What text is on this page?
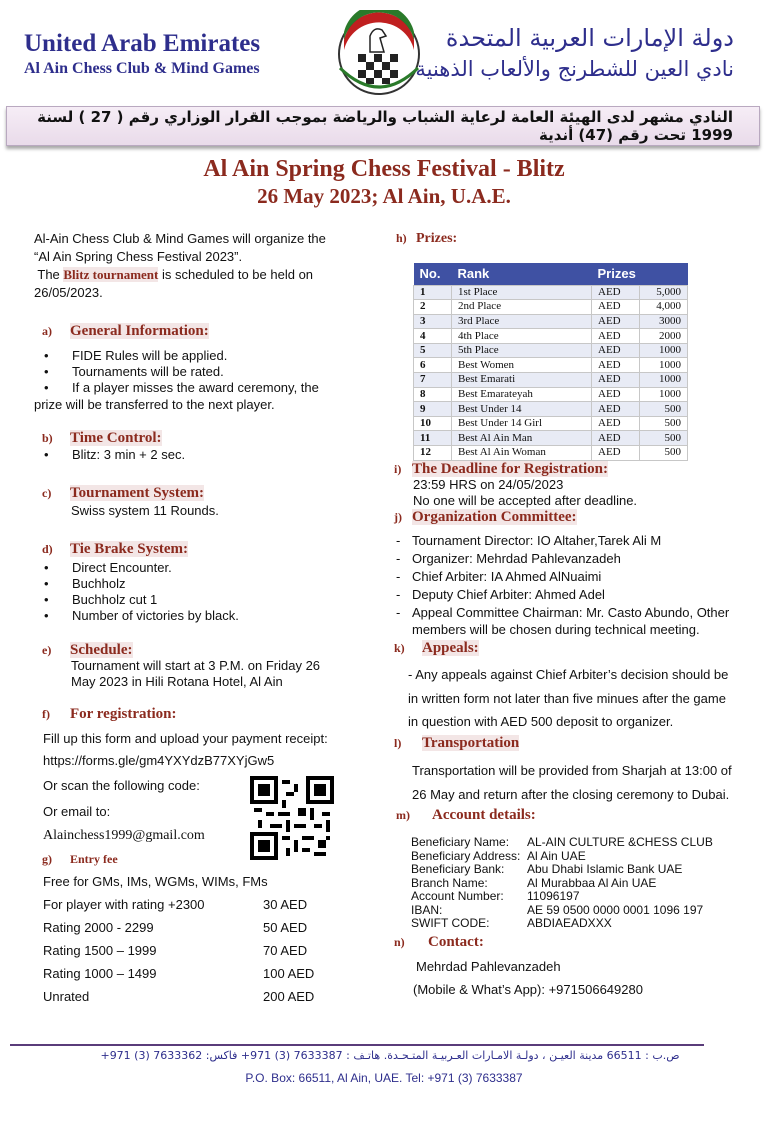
United Arab Emirates
Al Ain Chess Club & Mind Games
دولة الإمارات العربية المتحدة
نادي العين للشطرنج والألعاب الذهنية
النادي مشهر لدى الهيئة العامة لرعاية الشباب والرياضة بموجب القرار الوزاري رقم ( 27 ) لسنة 1999 تحت رقم (47) أندية
Al Ain Spring Chess Festival - Blitz
26 May 2023; Al Ain, U.A.E.
Al-Ain Chess Club & Mind Games will organize the
“Al Ain Spring Chess Festival 2023”.
The Blitz tournament is scheduled to be held on
26/05/2023.
a) General Information:
• FIDE Rules will be applied.
• Tournaments will be rated.
• If a player misses the award ceremony, the
prize will be transferred to the next player.
b) Time Control:
• Blitz: 3 min + 2 sec.
c) Tournament System:
Swiss system 11 Rounds.
d) Tie Brake System:
• Direct Encounter.
• Buchholz
• Buchholz cut 1
• Number of victories by black.
e) Schedule:
Tournament will start at 3 P.M. on Friday 26
May 2023 in Hili Rotana Hotel, Al Ain
f) For registration:
Fill up this form and upload your payment receipt:
https://forms.gle/gm4YXYdzB77XYjGw5
Or scan the following code:
Or email to:
Alainchess1999@gmail.com
g) Entry fee
Free for GMs, IMs, WGMs, WIMs, FMs
For player with rating +2300	30 AED
Rating 2000 - 2299	50 AED
Rating 1500 – 1999	70 AED
Rating 1000 – 1499	100 AED
Unrated	200 AED
h) Prizes:
No.	Rank	Prizes	
1	1st Place	AED	5,000
2	2nd Place	AED	4,000
3	3rd Place	AED	3000
4	4th Place	AED	2000
5	5th Place	AED	1000
6	Best Women	AED	1000
7	Best Emarati	AED	1000
8	Best Emarateyah	AED	1000
9	Best Under 14	AED	500
10	Best Under 14 Girl	AED	500
11	Best Al Ain Man	AED	500
12	Best Al Ain Woman	AED	500
i) The Deadline for Registration:
23:59 HRS on 24/05/2023
No one will be accepted after deadline.
j) Organization Committee:
- Tournament Director: IO Altaher,Tarek Ali M
- Organizer: Mehrdad Pahlevanzadeh
- Chief Arbiter: IA Ahmed AlNuaimi
- Deputy Chief Arbiter: Ahmed Adel
- Appeal Committee Chairman: Mr. Casto Abundo, Other
members will be chosen during technical meeting.
k) Appeals:
- Any appeals against Chief Arbiter’s decision should be
in written form not later than five minues after the game
in question with AED 500 deposit to organizer.
l) Transportation
Transportation will be provided from Sharjah at 13:00 of
26 May and return after the closing ceremony to Dubai.
m) Account details:
Beneficiary Name:	AL-AIN CULTURE &CHESS CLUB
Beneficiary Address:	Al Ain UAE
Beneficiary Bank:	Abu Dhabi Islamic Bank UAE
Branch Name:	Al Murabbaa Al Ain UAE
Account Number:	11096197
IBAN:	AE 59 0500 0000 0001 1096 197
SWIFT CODE:	ABDIAEADXXX
n) Contact:
Mehrdad Pahlevanzadeh
(Mobile & What’s App): +971506649280
ص.ب : 66511 مدينة العيـن ، دولـة الامـارات العـربيـة المتـحـدة. هاتـف : 7633387 (3) 971+ فاكس: 7633362 (3) 971+
P.O. Box: 66511, Al Ain, UAE. Tel: +971 (3) 7633387
